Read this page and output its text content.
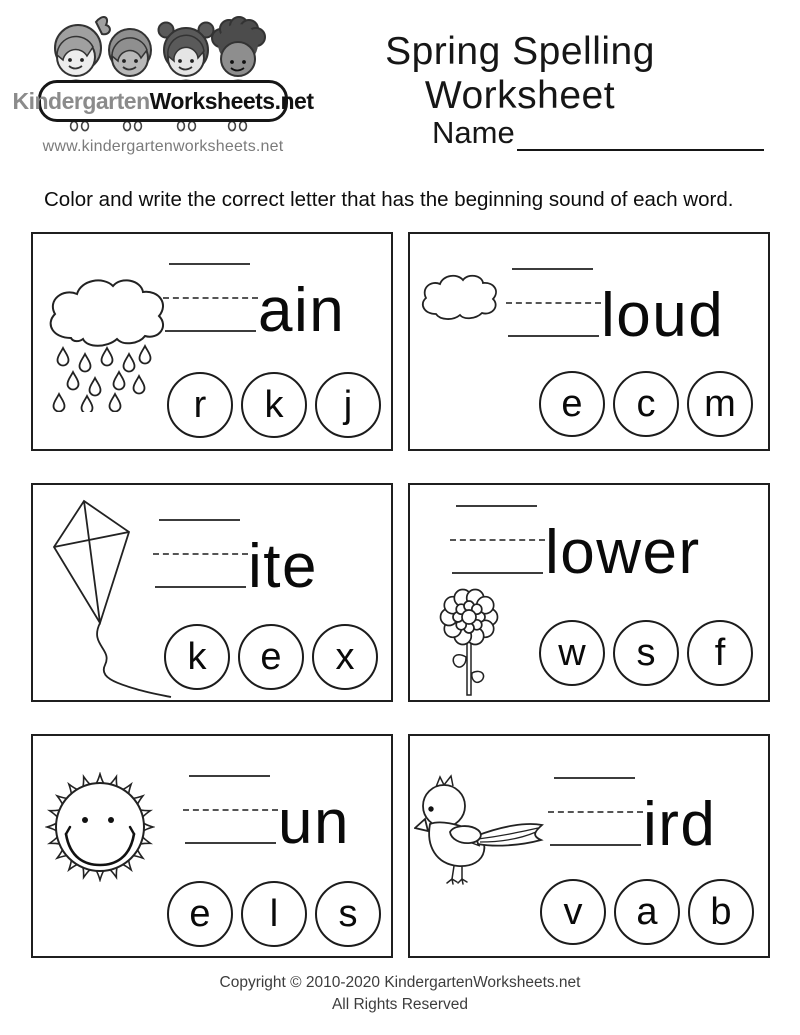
Kindergarten Worksheets.net
www.kindergartenworksheets.net
Spring Spelling Worksheet
Name
Color and write the correct letter that has the beginning sound of each word.
ain
r	k	j
loud
e	c	m
ite
k	e	x
lower
w	s	f
un
e	l	s
ird
v	a	b
Copyright © 2010-2020 KindergartenWorksheets.net
All Rights Reserved
